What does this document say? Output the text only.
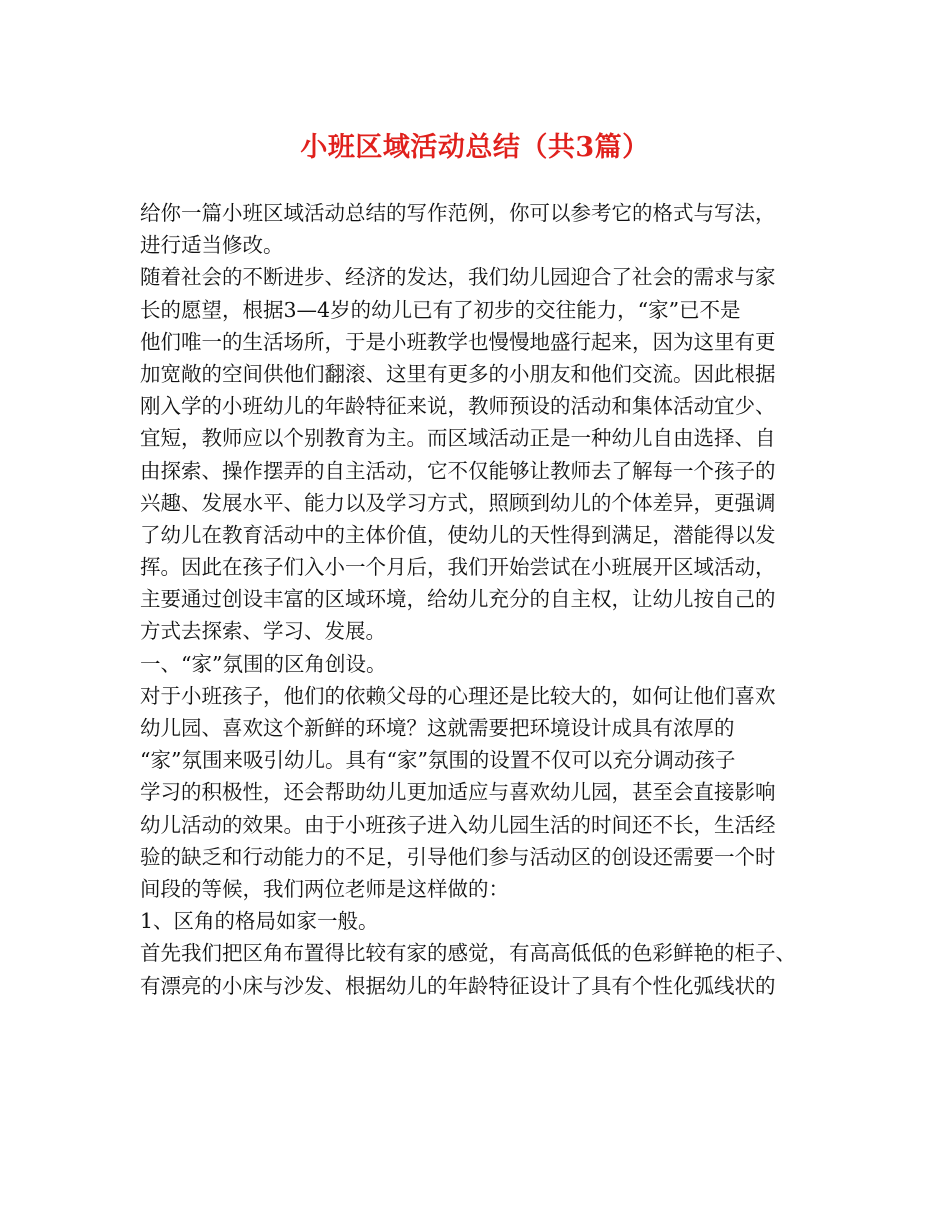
小班区域活动总结（共3篇）
给你一篇小班区域活动总结的写作范例，你可以参考它的格式与写法，
进行适当修改。
随着社会的不断进步、经济的发达，我们幼儿园迎合了社会的需求与家
长的愿望，根据3—4岁的幼儿已有了初步的交往能力，“家”已不是
他们唯一的生活场所，于是小班教学也慢慢地盛行起来，因为这里有更
加宽敞的空间供他们翻滚、这里有更多的小朋友和他们交流。因此根据
刚入学的小班幼儿的年龄特征来说，教师预设的活动和集体活动宜少、
宜短，教师应以个别教育为主。而区域活动正是一种幼儿自由选择、自
由探索、操作摆弄的自主活动，它不仅能够让教师去了解每一个孩子的
兴趣、发展水平、能力以及学习方式，照顾到幼儿的个体差异，更强调
了幼儿在教育活动中的主体价值，使幼儿的天性得到满足，潜能得以发
挥。因此在孩子们入小一个月后，我们开始尝试在小班展开区域活动，
主要通过创设丰富的区域环境，给幼儿充分的自主权，让幼儿按自己的
方式去探索、学习、发展。
一、“家”氛围的区角创设。
对于小班孩子，他们的依赖父母的心理还是比较大的，如何让他们喜欢
幼儿园、喜欢这个新鲜的环境？这就需要把环境设计成具有浓厚的
“家”氛围来吸引幼儿。具有“家”氛围的设置不仅可以充分调动孩子
学习的积极性，还会帮助幼儿更加适应与喜欢幼儿园，甚至会直接影响
幼儿活动的效果。由于小班孩子进入幼儿园生活的时间还不长，生活经
验的缺乏和行动能力的不足，引导他们参与活动区的创设还需要一个时
间段的等候，我们两位老师是这样做的：
1、区角的格局如家一般。
首先我们把区角布置得比较有家的感觉，有高高低低的色彩鲜艳的柜子、
有漂亮的小床与沙发、根据幼儿的年龄特征设计了具有个性化弧线状的
